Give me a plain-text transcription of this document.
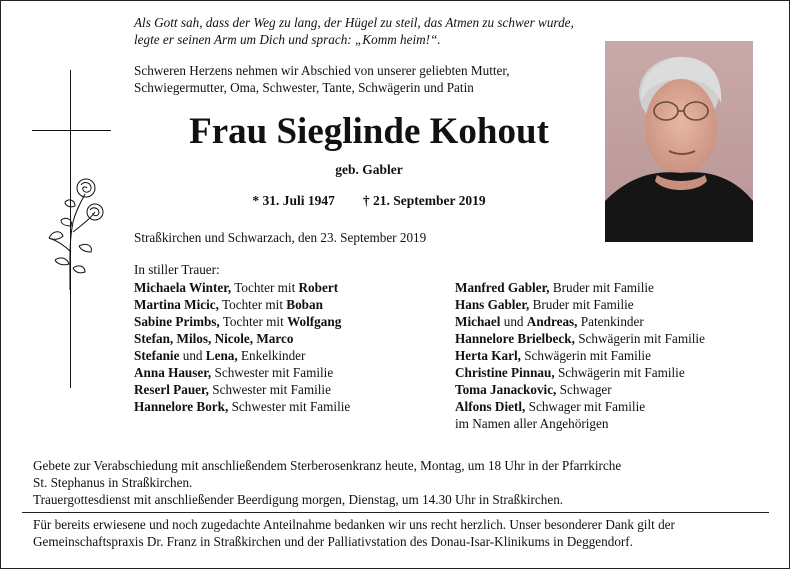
Als Gott sah, dass der Weg zu lang, der Hügel zu steil, das Atmen zu schwer wurde,
legte er seinen Arm um Dich und sprach: „Komm heim!“.
Schweren Herzens nehmen wir Abschied von unserer geliebten Mutter,
Schwiegermutter, Oma, Schwester, Tante, Schwägerin und Patin
Frau Sieglinde Kohout
geb. Gabler
* 31. Juli 1947 † 21. September 2019
Straßkirchen und Schwarzach, den 23. September 2019
In stiller Trauer:
Michaela Winter, Tochter mit Robert
Martina Micic, Tochter mit Boban
Sabine Primbs, Tochter mit Wolfgang
Stefan, Milos, Nicole, Marco
Stefanie und Lena, Enkelkinder
Anna Hauser, Schwester mit Familie
Reserl Pauer, Schwester mit Familie
Hannelore Bork, Schwester mit Familie
Manfred Gabler, Bruder mit Familie
Hans Gabler, Bruder mit Familie
Michael und Andreas, Patenkinder
Hannelore Brielbeck, Schwägerin mit Familie
Herta Karl, Schwägerin mit Familie
Christine Pinnau, Schwägerin mit Familie
Toma Janackovic, Schwager
Alfons Dietl, Schwager mit Familie
im Namen aller Angehörigen
Gebete zur Verabschiedung mit anschließendem Sterberosenkranz heute, Montag, um 18 Uhr in der Pfarrkirche
St. Stephanus in Straßkirchen.
Trauergottesdienst mit anschließender Beerdigung morgen, Dienstag, um 14.30 Uhr in Straßkirchen.
Für bereits erwiesene und noch zugedachte Anteilnahme bedanken wir uns recht herzlich. Unser besonderer Dank gilt der
Gemeinschaftspraxis Dr. Franz in Straßkirchen und der Palliativstation des Donau-Isar-Klinikums in Deggendorf.
